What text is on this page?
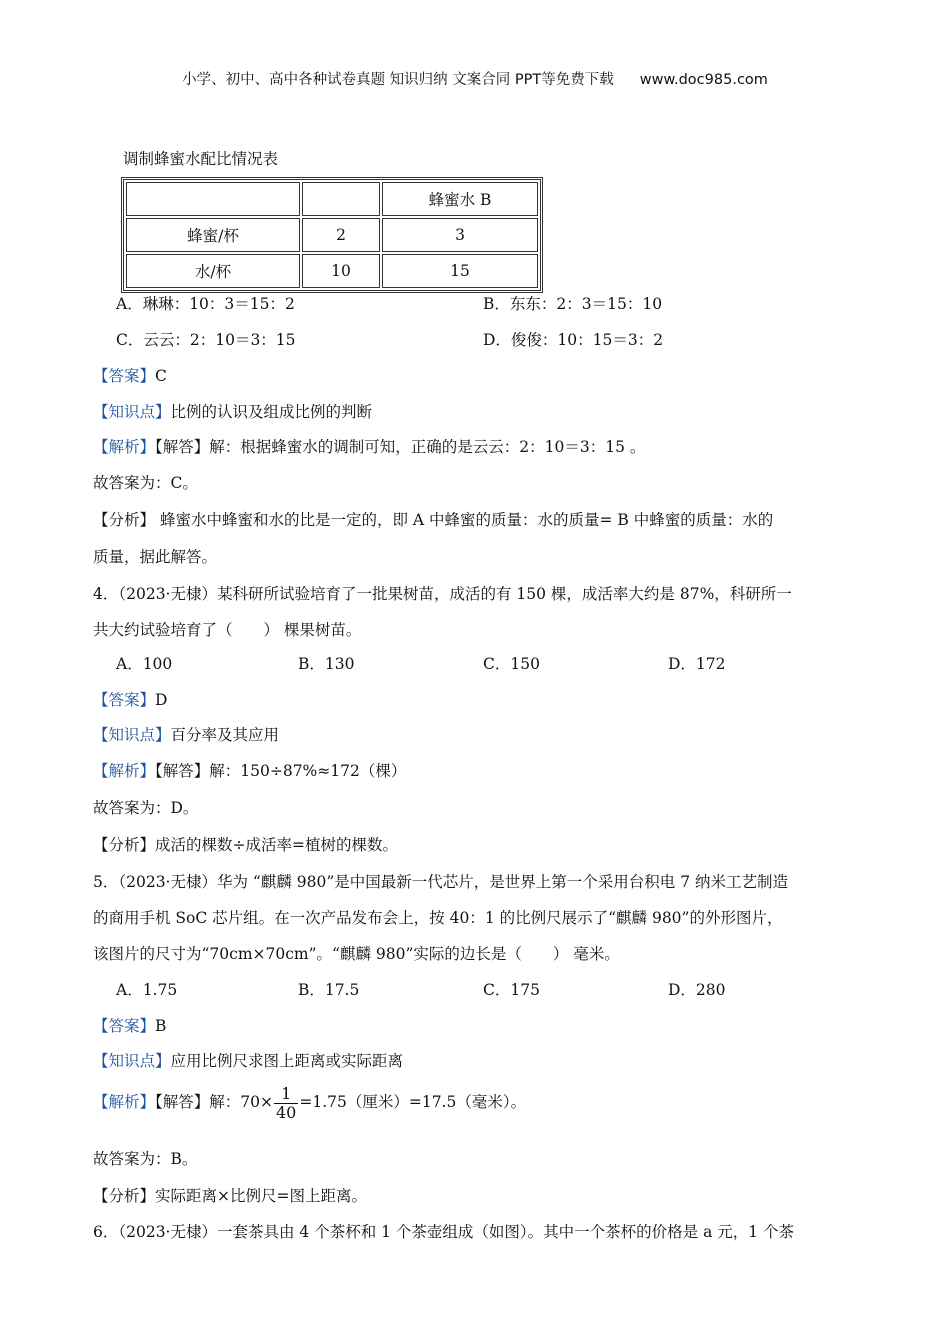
小学、初中、高中各种试卷真题 知识归纳 文案合同 PPT等免费下载 www.doc985.com
调制蜂蜜水配比情况表
		蜂蜜水 B
蜂蜜/杯	2	3
水/杯	10	15
A．琳琳：10：3＝15：2	B．东东：2：3＝15：10
C．云云：2：10＝3：15	D．俊俊：10：15＝3：2
【答案】C
【知识点】比例的认识及组成比例的判断
【解析】【解答】解：根据蜂蜜水的调制可知，正确的是云云：2：10＝3：15 。
故答案为：C。
【分析】 蜂蜜水中蜂蜜和水的比是一定的，即 A 中蜂蜜的质量：水的质量= B 中蜂蜜的质量：水的
质量，据此解答。
4．（2023·无棣）某科研所试验培育了一批果树苗，成活的有 150 棵，成活率大约是 87%，科研所一
共大约试验培育了（　　） 棵果树苗。
A．100	B．130	C．150	D．172
【答案】D
【知识点】百分率及其应用
【解析】【解答】解：150÷87%≈172（棵）
故答案为：D。
【分析】成活的棵数÷成活率=植树的棵数。
5．（2023·无棣）华为 “麒麟 980”是中国最新一代芯片，是世界上第一个采用台积电 7 纳米工艺制造
的商用手机 SoC 芯片组。在一次产品发布会上，按 40：1 的比例尺展示了“麒麟 980”的外形图片，
该图片的尺寸为“70cm×70cm”。“麒麟 980”实际的边长是（　　） 毫米。
A．1.75	B．17.5	C．175	D．280
【答案】B
【知识点】应用比例尺求图上距离或实际距离
【解析】【解答】解：$70\times \frac{1}{40} =1.75$（厘米）=17.5（毫米）。
故答案为：B。
【分析】实际距离×比例尺=图上距离。
6．（2023·无棣）一套茶具由 4 个茶杯和 1 个茶壶组成（如图）。其中一个茶杯的价格是 a 元，1 个茶
